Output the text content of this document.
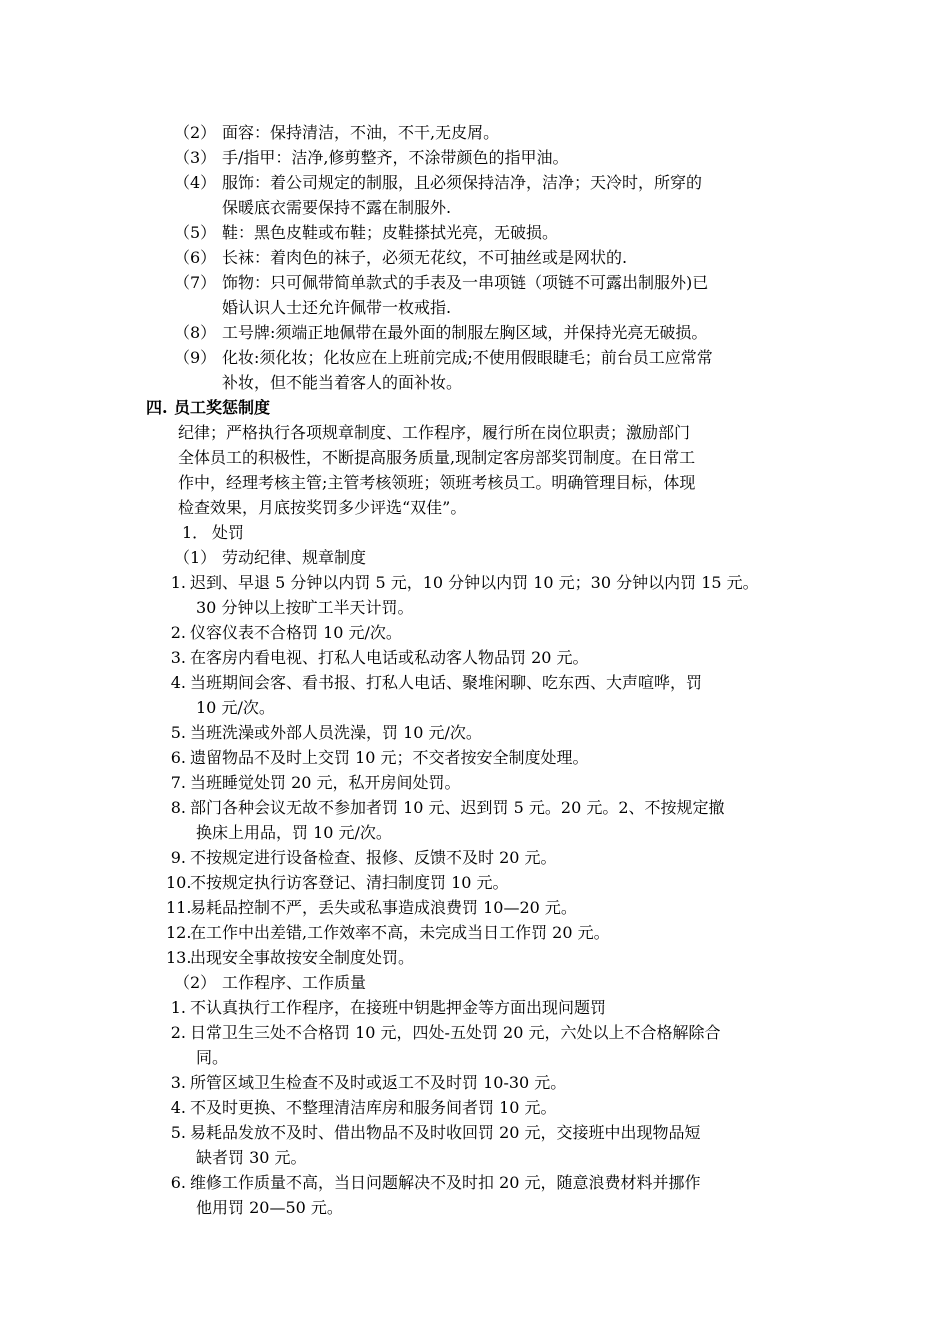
（2） 面容：保持清洁，不油，不干,无皮屑。
（3） 手/指甲：洁净,修剪整齐，不涂带颜色的指甲油。
（4） 服饰：着公司规定的制服，且必须保持洁净，洁净；天冷时，所穿的
保暖底衣需要保持不露在制服外.
（5） 鞋：黑色皮鞋或布鞋；皮鞋搽拭光亮，无破损。
（6） 长袜：着肉色的袜子，必须无花纹，不可抽丝或是网状的.
（7） 饰物：只可佩带简单款式的手表及一串项链（项链不可露出制服外)已
婚认识人士还允许佩带一枚戒指.
（8） 工号牌:须端正地佩带在最外面的制服左胸区域，并保持光亮无破损。
（9） 化妆:须化妆；化妆应在上班前完成;不使用假眼睫毛；前台员工应常常
补妆，但不能当着客人的面补妆。
四. 员工奖惩制度
纪律；严格执行各项规章制度、工作程序，履行所在岗位职责；激励部门
全体员工的积极性，不断提高服务质量,现制定客房部奖罚制度。在日常工
作中，经理考核主管;主管考核领班；领班考核员工。明确管理目标，体现
检查效果，月底按奖罚多少评选“双佳”。
1． 处罚
（1） 劳动纪律、规章制度
1. 迟到、早退 5 分钟以内罚 5 元，10 分钟以内罚 10 元；30 分钟以内罚 15 元。
30 分钟以上按旷工半天计罚。
2. 仪容仪表不合格罚 10 元/次。
3. 在客房内看电视、打私人电话或私动客人物品罚 20 元。
4. 当班期间会客、看书报、打私人电话、聚堆闲聊、吃东西、大声喧哗，罚
10 元/次。
5. 当班洗澡或外部人员洗澡，罚 10 元/次。
6. 遗留物品不及时上交罚 10 元；不交者按安全制度处理。
7. 当班睡觉处罚 20 元，私开房间处罚。
8. 部门各种会议无故不参加者罚 10 元、迟到罚 5 元。20 元。2、不按规定撤
换床上用品，罚 10 元/次。
9. 不按规定进行设备检查、报修、反馈不及时 20 元。
10.
不按规定执行访客登记、清扫制度罚 10 元。
11.
易耗品控制不严，丢失或私事造成浪费罚 10—20 元。
12.
在工作中出差错,工作效率不高，未完成当日工作罚 20 元。
13.
出现安全事故按安全制度处罚。
（2） 工作程序、工作质量
1. 不认真执行工作程序，在接班中钥匙押金等方面出现问题罚
2. 日常卫生三处不合格罚 10 元，四处-五处罚 20 元，六处以上不合格解除合
同。
3. 所管区域卫生检查不及时或返工不及时罚 10-30 元。
4. 不及时更换、不整理清洁库房和服务间者罚 10 元。
5. 易耗品发放不及时、借出物品不及时收回罚 20 元，交接班中出现物品短
缺者罚 30 元。
6. 维修工作质量不高，当日问题解决不及时扣 20 元，随意浪费材料并挪作
他用罚 20—50 元。
